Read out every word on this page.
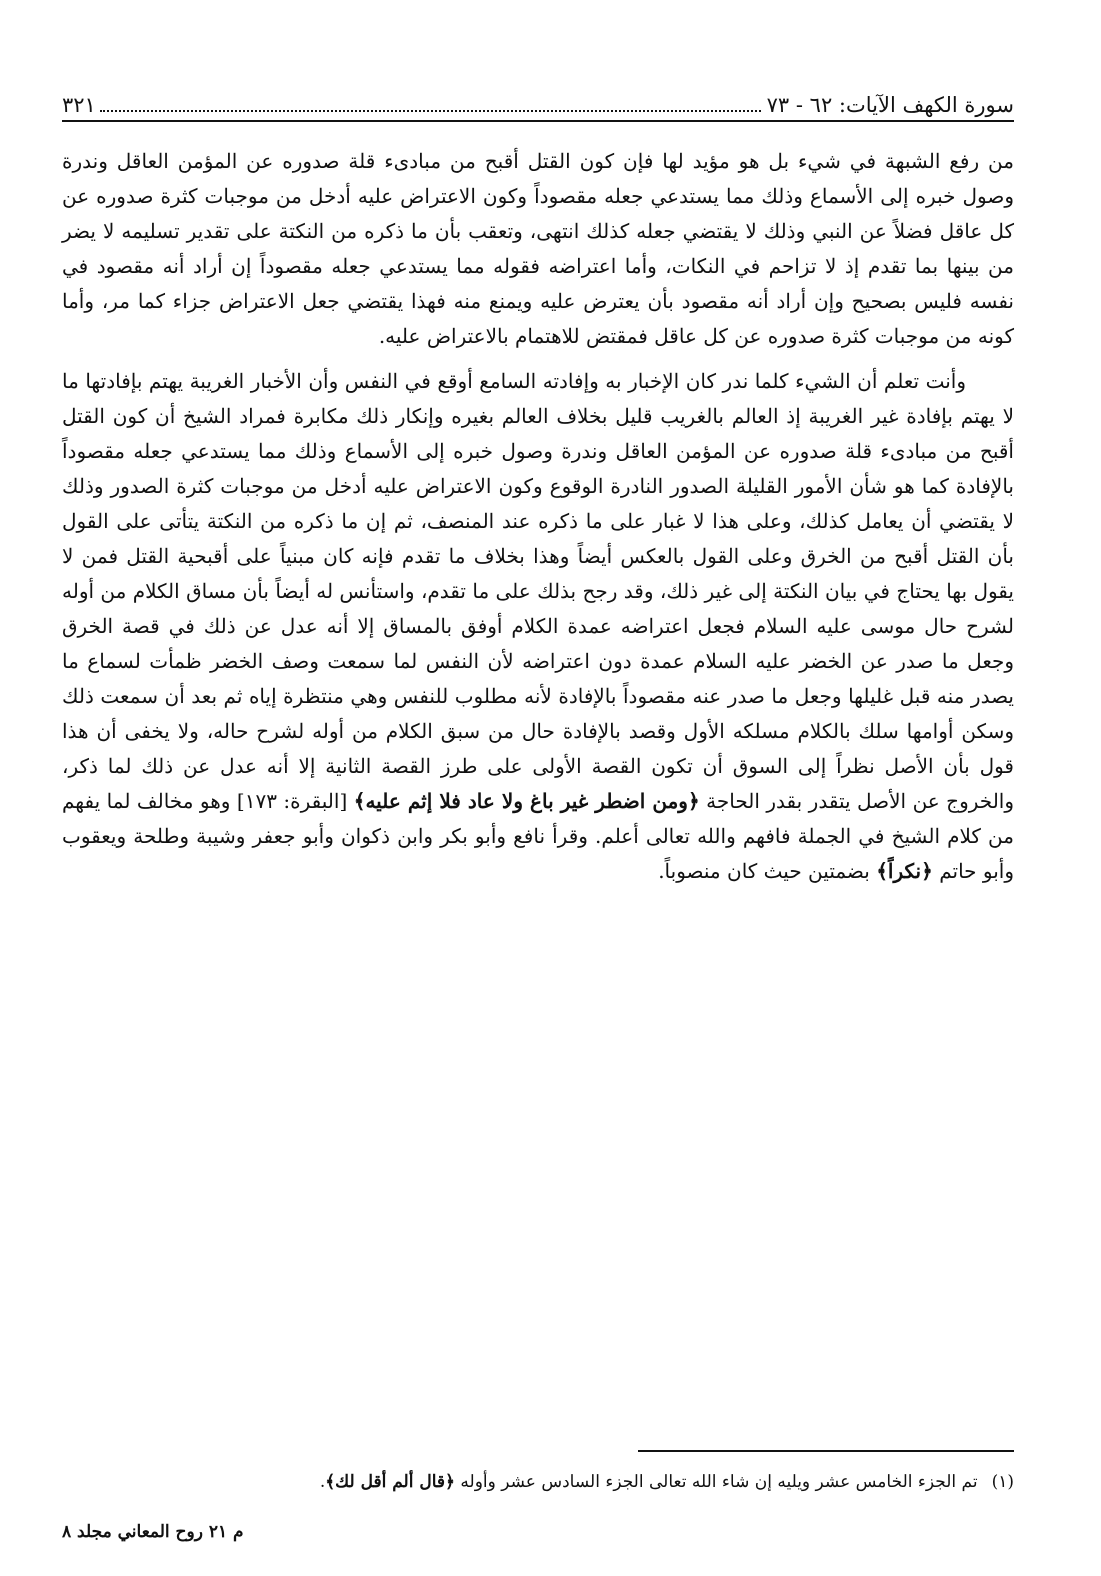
سورة الكهف الآيات: ٦٢ - ٧٣
٣٢١

من رفع الشبهة في شيء بل هو مؤيد لها فإن كون القتل أقبح من مبادىء قلة صدوره عن المؤمن العاقل وندرة وصول خبره إلى الأسماع وذلك مما يستدعي جعله مقصوداً وكون الاعتراض عليه أدخل من موجبات كثرة صدوره عن كل عاقل فضلاً عن النبي وذلك لا يقتضي جعله كذلك انتهى، وتعقب بأن ما ذكره من النكتة على تقدير تسليمه لا يضر من بينها بما تقدم إذ لا تزاحم في النكات، وأما اعتراضه فقوله مما يستدعي جعله مقصوداً إن أراد أنه مقصود في نفسه فليس بصحيح وإن أراد أنه مقصود بأن يعترض عليه ويمنع منه فهذا يقتضي جعل الاعتراض جزاء كما مر، وأما كونه من موجبات كثرة صدوره عن كل عاقل فمقتض للاهتمام بالاعتراض عليه.

وأنت تعلم أن الشيء كلما ندر كان الإخبار به وإفادته السامع أوقع في النفس وأن الأخبار الغريبة يهتم بإفادتها ما لا يهتم بإفادة غير الغريبة إذ العالم بالغريب قليل بخلاف العالم بغيره وإنكار ذلك مكابرة فمراد الشيخ أن كون القتل أقبح من مبادىء قلة صدوره عن المؤمن العاقل وندرة وصول خبره إلى الأسماع وذلك مما يستدعي جعله مقصوداً بالإفادة كما هو شأن الأمور القليلة الصدور النادرة الوقوع وكون الاعتراض عليه أدخل من موجبات كثرة الصدور وذلك لا يقتضي أن يعامل كذلك، وعلى هذا لا غبار على ما ذكره عند المنصف، ثم إن ما ذكره من النكتة يتأتى على القول بأن القتل أقبح من الخرق وعلى القول بالعكس أيضاً وهذا بخلاف ما تقدم فإنه كان مبنياً على أقبحية القتل فمن لا يقول بها يحتاج في بيان النكتة إلى غير ذلك، وقد رجح بذلك على ما تقدم، واستأنس له أيضاً بأن مساق الكلام من أوله لشرح حال موسى عليه السلام فجعل اعتراضه عمدة الكلام أوفق بالمساق إلا أنه عدل عن ذلك في قصة الخرق وجعل ما صدر عن الخضر عليه السلام عمدة دون اعتراضه لأن النفس لما سمعت وصف الخضر ظمأت لسماع ما يصدر منه قبل غليلها وجعل ما صدر عنه مقصوداً بالإفادة لأنه مطلوب للنفس وهي منتظرة إياه ثم بعد أن سمعت ذلك وسكن أوامها سلك بالكلام مسلكه الأول وقصد بالإفادة حال من سبق الكلام من أوله لشرح حاله، ولا يخفى أن هذا قول بأن الأصل نظراً إلى السوق أن تكون القصة الأولى على طرز القصة الثانية إلا أنه عدل عن ذلك لما ذكر، والخروج عن الأصل يتقدر بقدر الحاجة ﴿ومن اضطر غير باغ ولا عاد فلا إثم عليه﴾ [البقرة: ١٧٣] وهو مخالف لما يفهم من كلام الشيخ في الجملة فافهم والله تعالى أعلم. وقرأ نافع وأبو بكر وابن ذكوان وأبو جعفر وشيبة وطلحة ويعقوب وأبو حاتم ﴿نكراً﴾ بضمتين حيث كان منصوباً.

(١)تم الجزء الخامس عشر ويليه إن شاء الله تعالى الجزء السادس عشر وأوله ﴿قال ألم أقل لك﴾.
م ٢١ روح المعاني مجلد ٨
